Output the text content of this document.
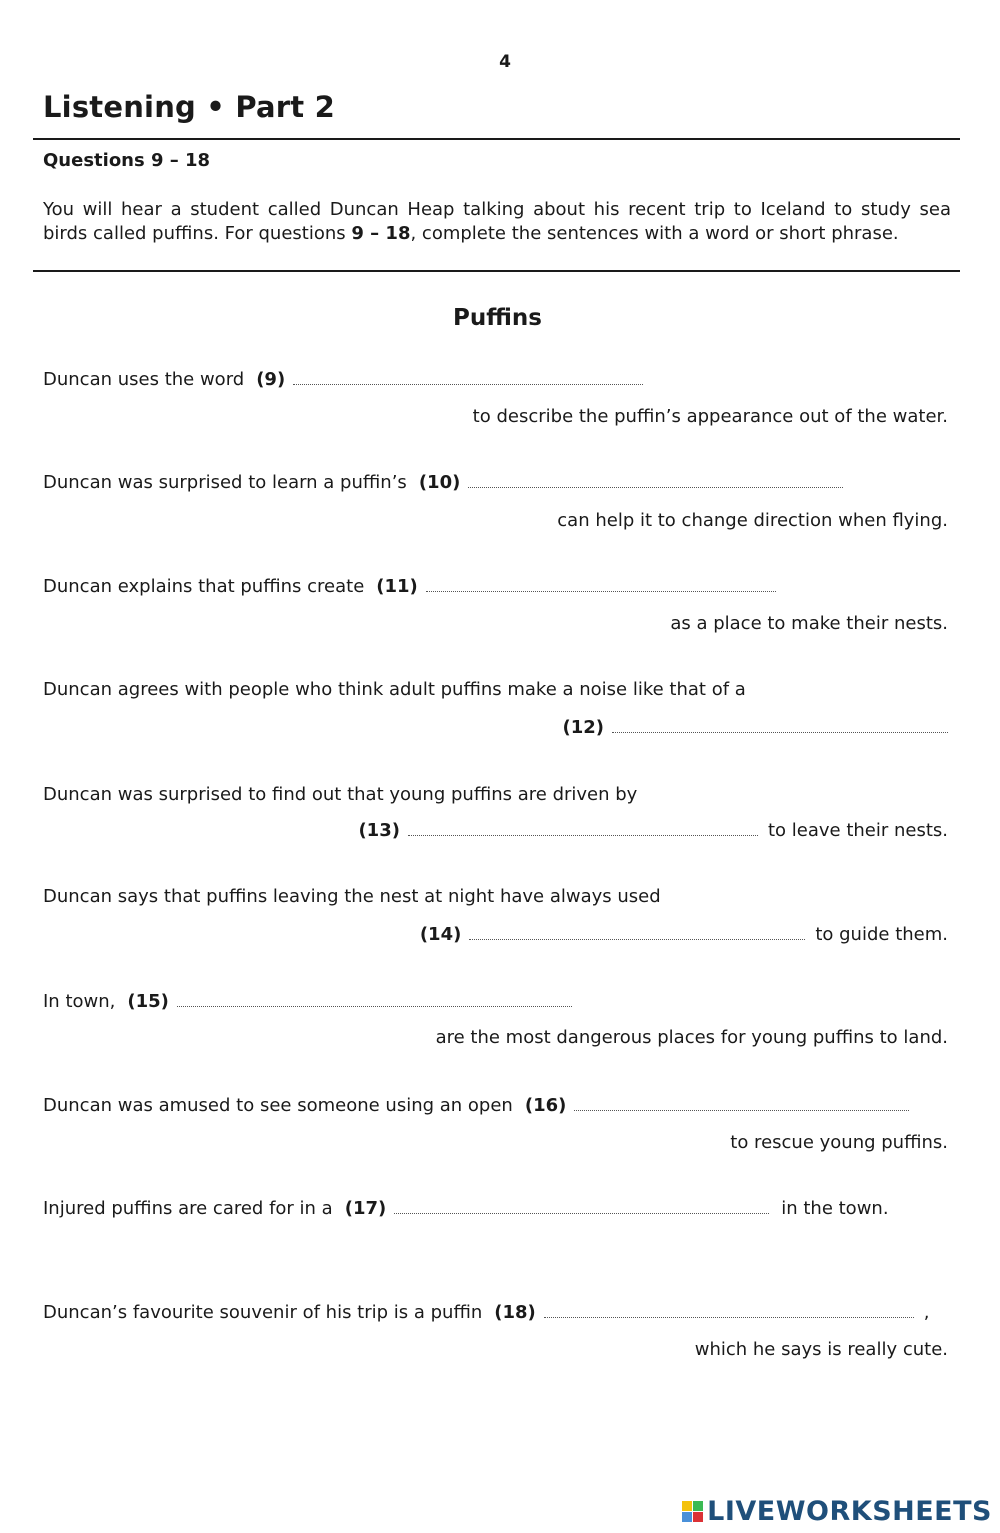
4
Listening • Part 2
Questions 9 – 18
You will hear a student called Duncan Heap talking about his recent trip to Iceland to study sea birds called puffins. For questions 9 – 18, complete the sentences with a word or short phrase.
Puffins
Duncan uses the word (9)
to describe the puffin’s appearance out of the water.
Duncan was surprised to learn a puffin’s (10)
can help it to change direction when flying.
Duncan explains that puffins create (11)
as a place to make their nests.
Duncan agrees with people who think adult puffins make a noise like that of a
(12)
Duncan was surprised to find out that young puffins are driven by
(13)	to leave their nests.
Duncan says that puffins leaving the nest at night have always used
(14)	to guide them.
In town, (15)
are the most dangerous places for young puffins to land.
Duncan was amused to see someone using an open (16)
to rescue young puffins.
Injured puffins are cared for in a (17)	in the town.
Duncan’s favourite souvenir of his trip is a puffin (18)	,
which he says is really cute.
LIVEWORKSHEETS
